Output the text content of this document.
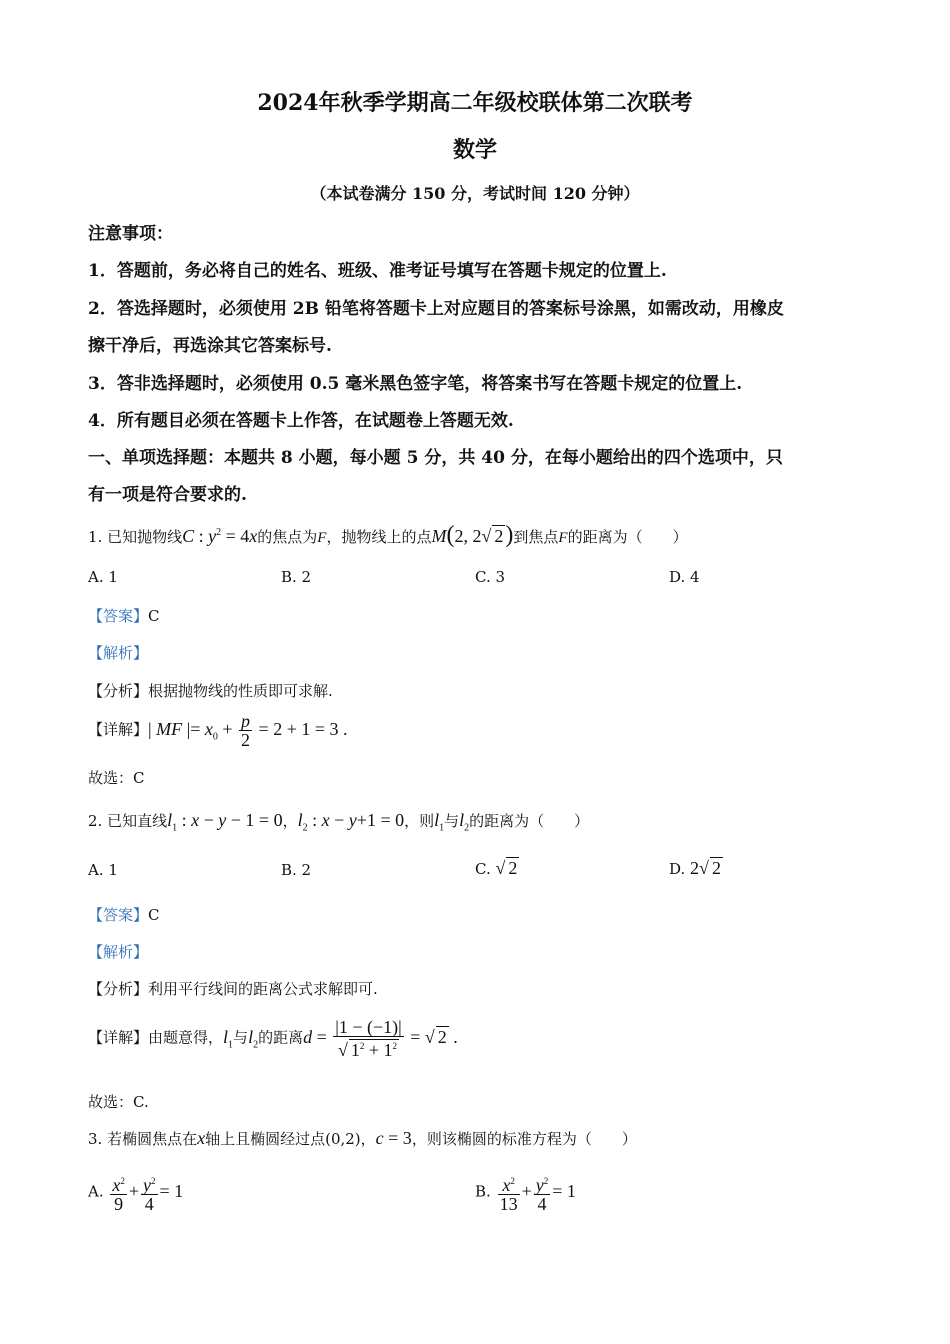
2024年秋季学期高二年级校联体第二次联考
数学
（本试卷满分 150 分，考试时间 120 分钟）
注意事项：
1．答题前，务必将自己的姓名、班级、准考证号填写在答题卡规定的位置上.
2．答选择题时，必须使用 2B 铅笔将答题卡上对应题目的答案标号涂黑，如需改动，用橡皮
擦干净后，再选涂其它答案标号.
3．答非选择题时，必须使用 0.5 毫米黑色签字笔，将答案书写在答题卡规定的位置上.
4．所有题目必须在答题卡上作答，在试题卷上答题无效.
一、单项选择题：本题共 8 小题，每小题 5 分，共 40 分，在每小题给出的四个选项中，只
有一项是符合要求的.
1. 已知抛物线C : $y^2 = 4x$的焦点为F，抛物线上的点M(2, 2√ 2)到焦点F的距离为（　　）
A. 1	B. 2	C. 3	D. 4
【答案】C
【解析】
【分析】根据抛物线的性质即可求解.
【详解】| MF |= $x_0 + \frac{p}{2} = 2 + 1 = 3$ .
故选：C
2. 已知直线$l_1$ : x − y − 1 = 0，$l_2$ : x − y+1 = 0，则$l_1$与$l_2$的距离为（　　）
A. 1	B. 2	C. √ 2	D. 2√ 2
【答案】C
【解析】
【分析】利用平行线间的距离公式求解即可.
【详解】由题意得，$l_1$与$l_2$的距离$d = \frac{|1 - (-1)|}{√ 1^2 + 1^2}$ = √ 2 .
故选：C.
3. 若椭圆焦点在x轴上且椭圆经过点(0,2)，c = 3，则该椭圆的标准方程为（　　）
A. $\frac{x^2}{9} + \frac{y^2}{4} = 1$	B. $\frac{x^2}{13} + \frac{y^2}{4} = 1$
